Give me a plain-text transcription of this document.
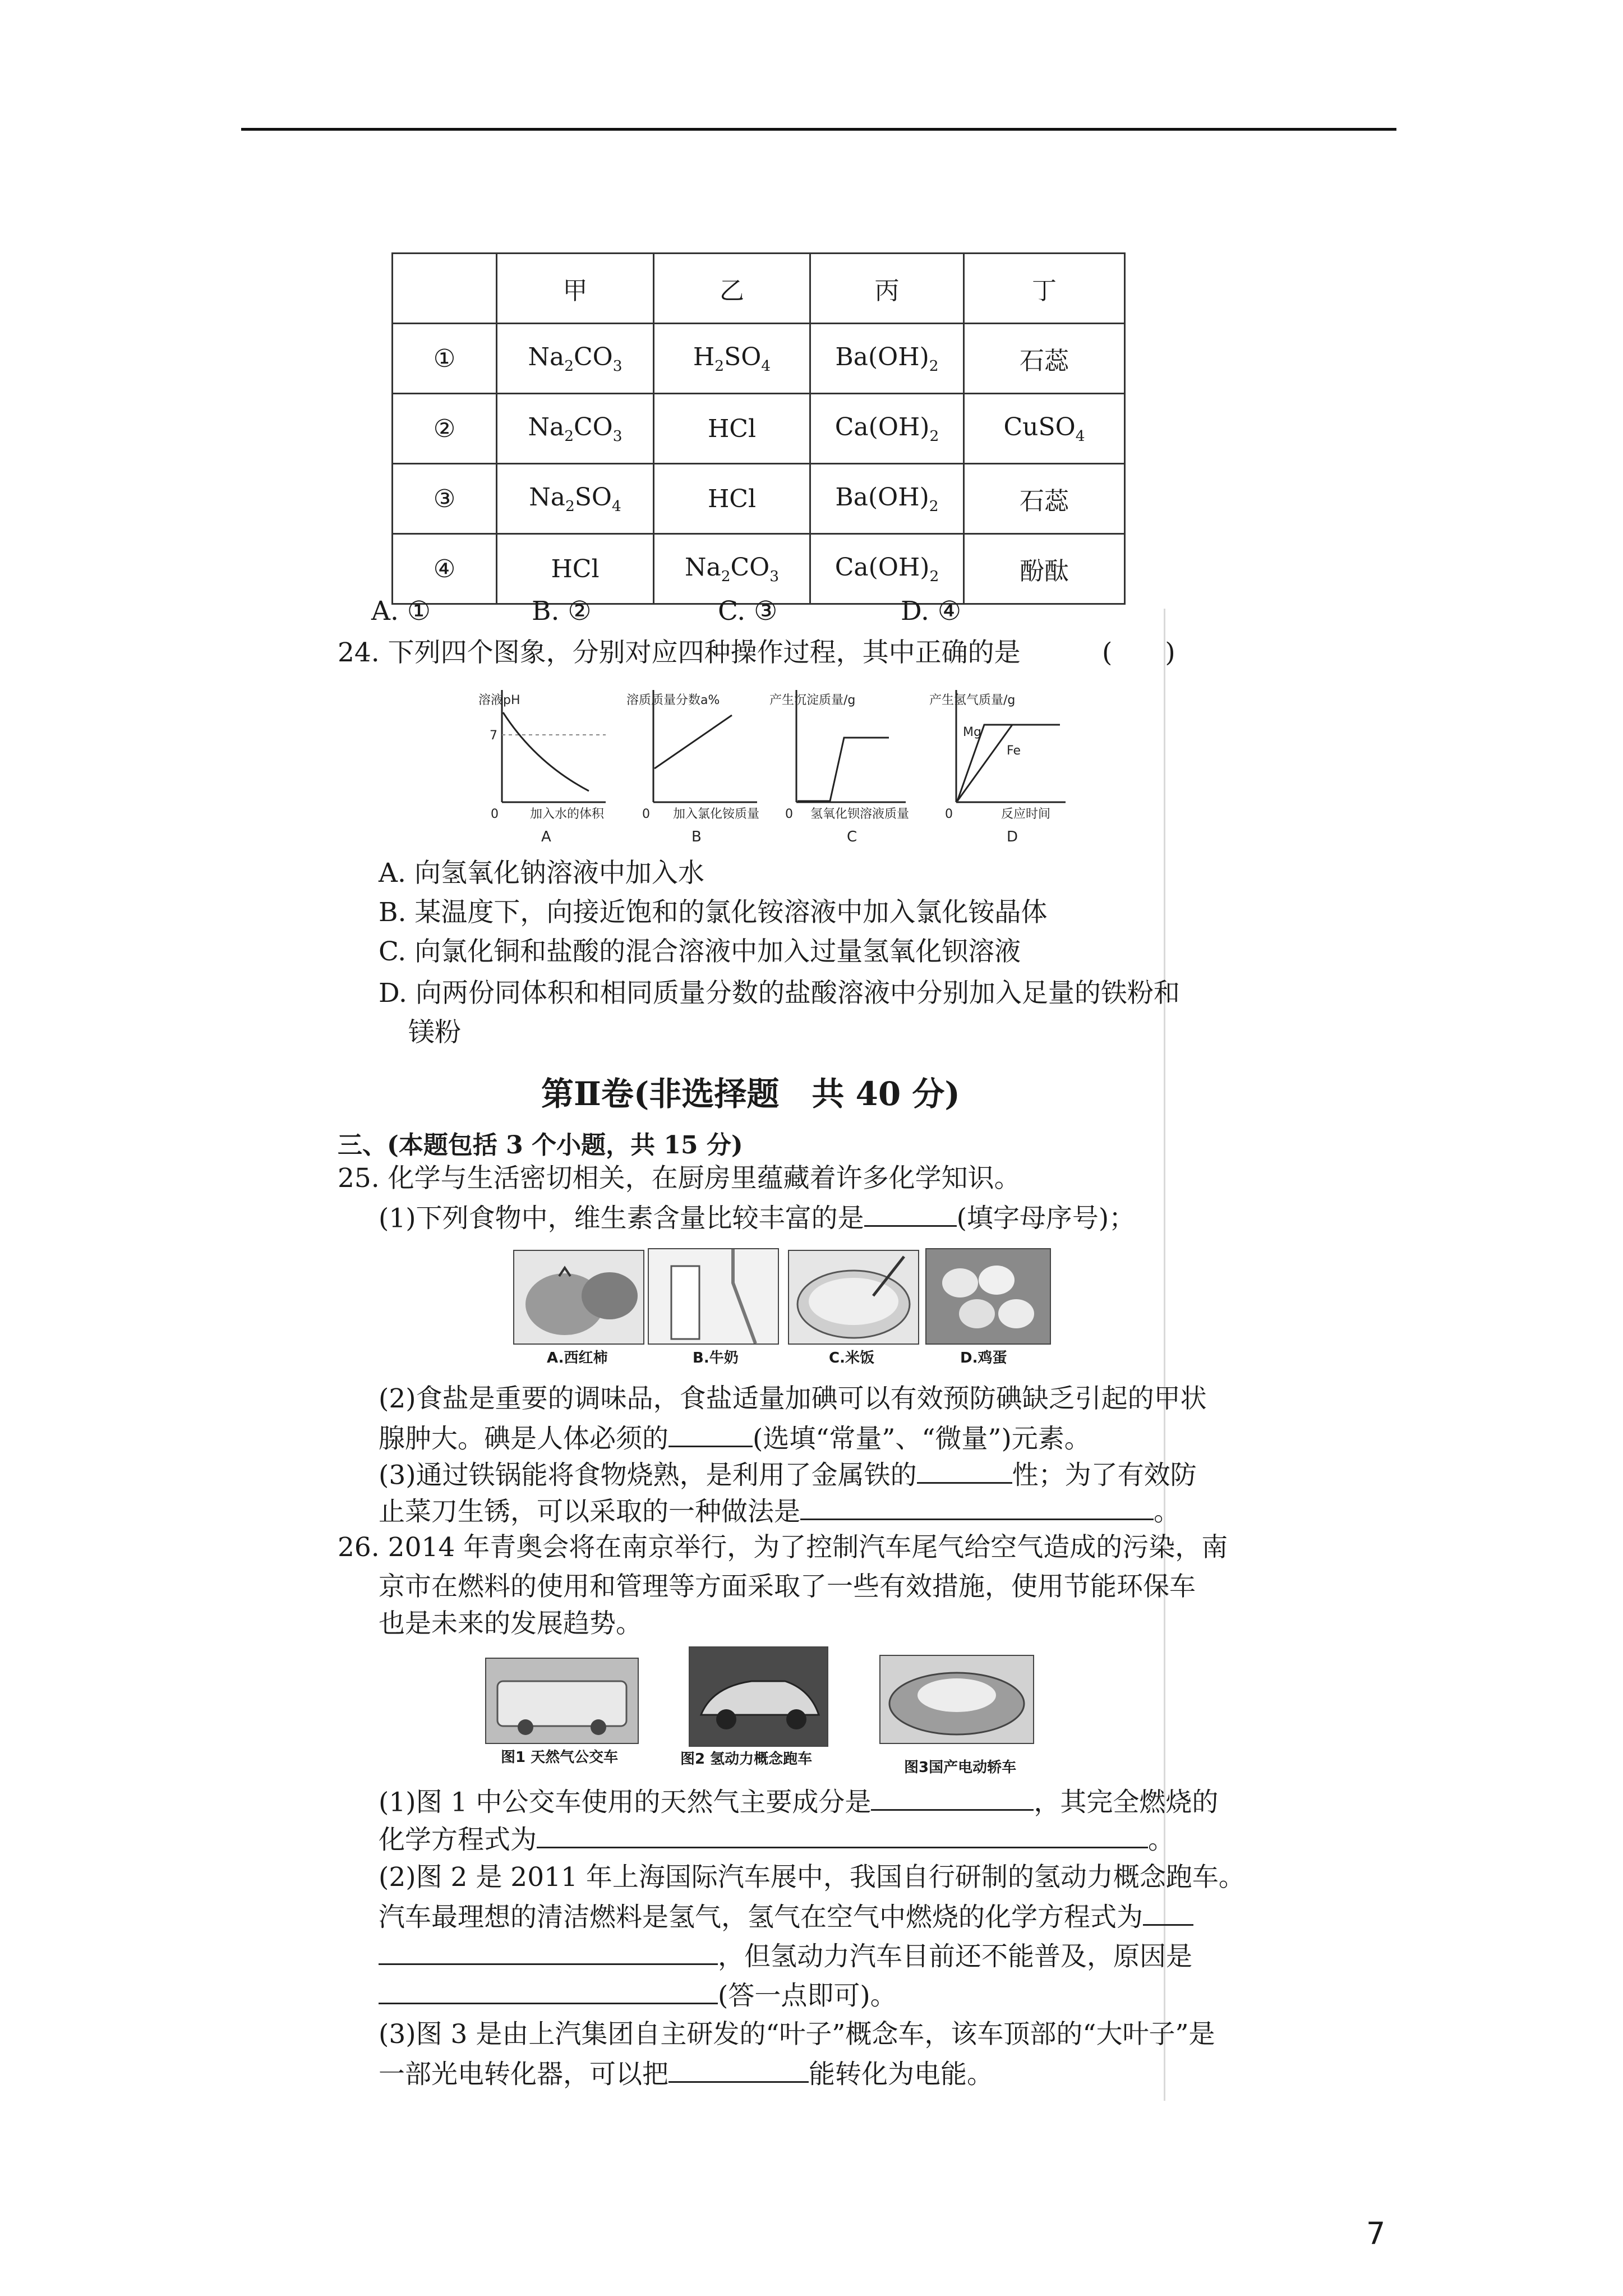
	甲	乙	丙	丁
①	$Na_2CO_3$	$H_2SO_4$	$Ba(OH)_2$	石蕊
②	$Na_2CO_3$	HCl	$Ca(OH)_2$	CuSO$_4$
③	$Na_2SO_4$	HCl	$Ba(OH)_2$	石蕊
④	HCl	$Na_2CO_3$	$Ca(OH)_2$	酚酞
A. ①	B. ②	C. ③	D. ④
24. 下列四个图象，分别对应四种操作过程，其中正确的是	(　　)
溶液pH
7
0	加入水的体积
A
溶质质量分数a%
0 加入氯化铵质量
B
产生沉淀质量/g
0 氢氧化钡溶液质量
C
产生氢气质量/g
Mg
Fe
0	反应时间
D
A. 向氢氧化钠溶液中加入水
B. 某温度下，向接近饱和的氯化铵溶液中加入氯化铵晶体
C. 向氯化铜和盐酸的混合溶液中加入过量氢氧化钡溶液
D. 向两份同体积和相同质量分数的盐酸溶液中分别加入足量的铁粉和
镁粉
第Ⅱ卷(非选择题　共 40 分)
三、(本题包括 3 个小题，共 15 分)
25. 化学与生活密切相关，在厨房里蕴藏着许多化学知识。
(1)下列食物中，维生素含量比较丰富的是	(填字母序号)；
A.西红柿	B.牛奶	C.米饭	D.鸡蛋
(2)食盐是重要的调味品，食盐适量加碘可以有效预防碘缺乏引起的甲状
腺肿大。碘是人体必须的	(选填“常量”、“微量”)元素。
(3)通过铁锅能将食物烧熟，是利用了金属铁的	性；为了有效防
止菜刀生锈，可以采取的一种做法是	。
26. 2014 年青奥会将在南京举行，为了控制汽车尾气给空气造成的污染，南
京市在燃料的使用和管理等方面采取了一些有效措施，使用节能环保车
也是未来的发展趋势。
图1 天然气公交车	图2 氢动力概念跑车	图3国产电动轿车
(1)图 1 中公交车使用的天然气主要成分是	，其完全燃烧的
化学方程式为	。
(2)图 2 是 2011 年上海国际汽车展中，我国自行研制的氢动力概念跑车。
汽车最理想的清洁燃料是氢气，氢气在空气中燃烧的化学方程式为
，但氢动力汽车目前还不能普及，原因是
(答一点即可)。
(3)图 3 是由上汽集团自主研发的“叶子”概念车，该车顶部的“大叶子”是
一部光电转化器，可以把	能转化为电能。
7
